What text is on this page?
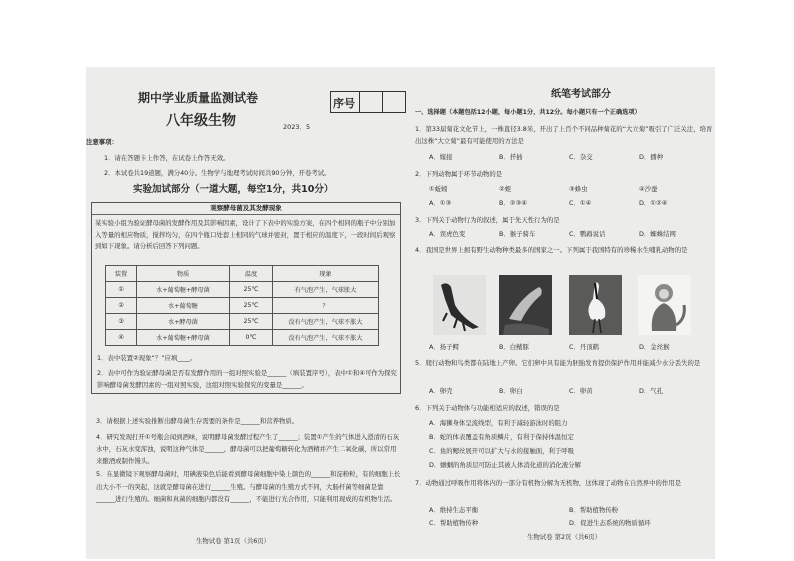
期中学业质量监测试卷	序号
八年级生物	2023．5
注意事项：
1．请在答题卡上作答，在试卷上作答无效。
2．本试卷共19道题，满分40分。生物学与地理考试时间共90分钟，开卷考试。
实验加试部分（一道大题，每空1分，共10分）
观察酵母菌及其发酵现象
某实验小组为验证酵母菌的发酵作用及其影响因素，设计了下表中的实验方案，在四个相同的瓶子中分别加入等量的相应物质，搅拌均匀，在四个瓶口处套上相同的气球并密封，置于相应的温度下，一段时间后观察到如下现象。请分析后回答下列问题。
装置	物质	温度	现象
①	水+葡萄糖+酵母菌	25℃	有气泡产生，气球胀大
②	水+葡萄糖	25℃	？
③	水+酵母菌	25℃	没有气泡产生，气球不胀大
④	水+葡萄糖+酵母菌	0℃	没有气泡产生，气球不胀大
1．表中装置②现象“？”应填____。
2．表中可作为验证酵母菌是否有发酵作用的一组对照实验是______（填装置序号），表中①和④可作为探究影响酵母菌发酵因素的一组对照实验，这组对照实验探究的变量是______。
3．请根据上述实验推断出酵母菌生存需要的条件是______和营养物质。
4．研究发现打开①号瓶会闻到酒味，说明酵母菌发酵过程产生了______；装置①产生的气体进入澄清的石灰水中，石灰水变浑浊，说明这种气体是______，酵母菌可以把葡萄糖转化为酒精并产生二氧化碳，所以常用来酿酒或制作馒头。
5．在显微镜下观察酵母菌时，用碘液染色后能看到酵母菌细胞中染上颜色的______和淀粉粒，有的细胞上长出大小不一的突起，这就是酵母菌在进行______生殖。与酵母菌的生殖方式不同，大肠杆菌等细菌是靠______进行生殖的。细菌和真菌的细胞内都没有______，不能进行光合作用，只能利用现成的有机物生活。
生物试卷 第1页（共6页）
纸笔考试部分
一、选择题（本题包括12小题，每小题1分，共12分。每小题只有一个正确选项）
1．第33届菊花文化节上，一株直径3.8米，开出了上百个不同品种菊花的“大立菊”吸引了广泛关注，培育出这株“大立菊”最有可能使用的方法是
A．嫁接	B．扦插	C．杂交	D．播种
2．下列动物属于环节动物的是
①蚯蚓	②蛭	③蜂虫	④沙蚕
A．①③	B．②③④	C．①④	D．①②④
3．下列关于动物行为的叙述，属于先天性行为的是
A．误虎色变	B．猴子骑车	C．鹦鹉说话	D．蜘蛛结网
4．我国是世界上拥有野生动物种类最多的国家之一。下列属于我国特有的珍稀水生哺乳动物的是
A．扬子鳄	B．白鳍豚	C．丹顶鹤	D．金丝猴
5．爬行动物和鸟类都在陆地上产卵。它们卵中具有能为胚胎发育提供保护作用并能减少水分丢失的是
A．卵壳	B．卵白	C．卵黄	D．气孔
6．下列关于动物体与功能相适应的叙述，错误的是
A．海狮身体呈流线型，有利于减轻游泳时的阻力
B．蛇的体表覆盖有角质鳞片，有利于保持体温恒定
C．鱼的鳃丝展开可以扩大与水的接触面，利于呼吸
D．蝈蝈的角质层可防止其被人体消化道的消化液分解
7．动物通过呼吸作用将体内的一部分有机物分解为无机物，这体现了动物在自然界中的作用是
A．维持生态平衡	B．帮助植物传粉
C．帮助植物传种	D．促进生态系统的物质循环
生物试卷 第2页（共6页）
